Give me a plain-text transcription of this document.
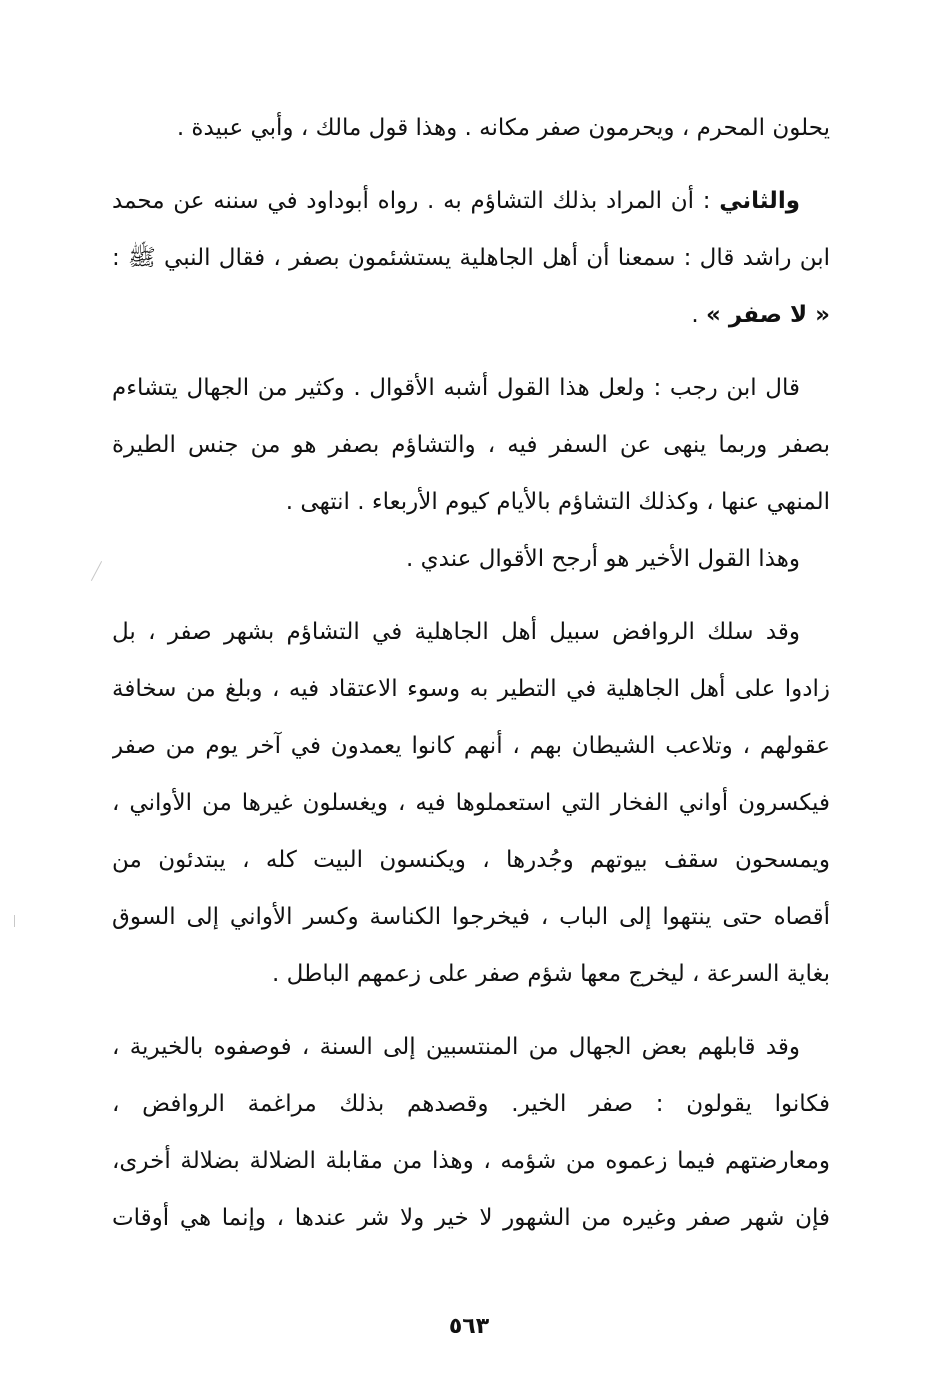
يحلون المحرم ، ويحرمون صفر مكانه . وهذا قول مالك ، وأبي عبيدة .
والثاني : أن المراد بذلك التشاؤم به . رواه أبوداود في سننه عن محمد
ابن راشد قال : سمعنا أن أهل الجاهلية يستشئمون بصفر ، فقال النبي ﷺ :
« لا صفر » .
قال ابن رجب : ولعل هذا القول أشبه الأقوال . وكثير من الجهال يتشاءم
بصفر وربما ينهى عن السفر فيه ، والتشاؤم بصفر هو من جنس الطيرة
المنهي عنها ، وكذلك التشاؤم بالأيام كيوم الأربعاء . انتهى .
وهذا القول الأخير هو أرجح الأقوال عندي .
وقد سلك الروافض سبيل أهل الجاهلية في التشاؤم بشهر صفر ، بل
زادوا على أهل الجاهلية في التطير به وسوء الاعتقاد فيه ، وبلغ من سخافة
عقولهم ، وتلاعب الشيطان بهم ، أنهم كانوا يعمدون في آخر يوم من صفر
فيكسرون أواني الفخار التي استعملوها فيه ، ويغسلون غيرها من الأواني ،
ويمسحون سقف بيوتهم وجُدرها ، ويكنسون البيت كله ، يبتدئون من
أقصاه حتى ينتهوا إلى الباب ، فيخرجوا الكناسة وكسر الأواني إلى السوق
بغاية السرعة ، ليخرج معها شؤم صفر على زعمهم الباطل .
وقد قابلهم بعض الجهال من المنتسبين إلى السنة ، فوصفوه بالخيرية ،
فكانوا يقولون : صفر الخير. وقصدهم بذلك مراغمة الروافض ،
ومعارضتهم فيما زعموه من شؤمه ، وهذا من مقابلة الضلالة بضلالة أخرى،
فإن شهر صفر وغيره من الشهور لا خير ولا شر عندها ، وإنما هي أوقات
٥٦٣
